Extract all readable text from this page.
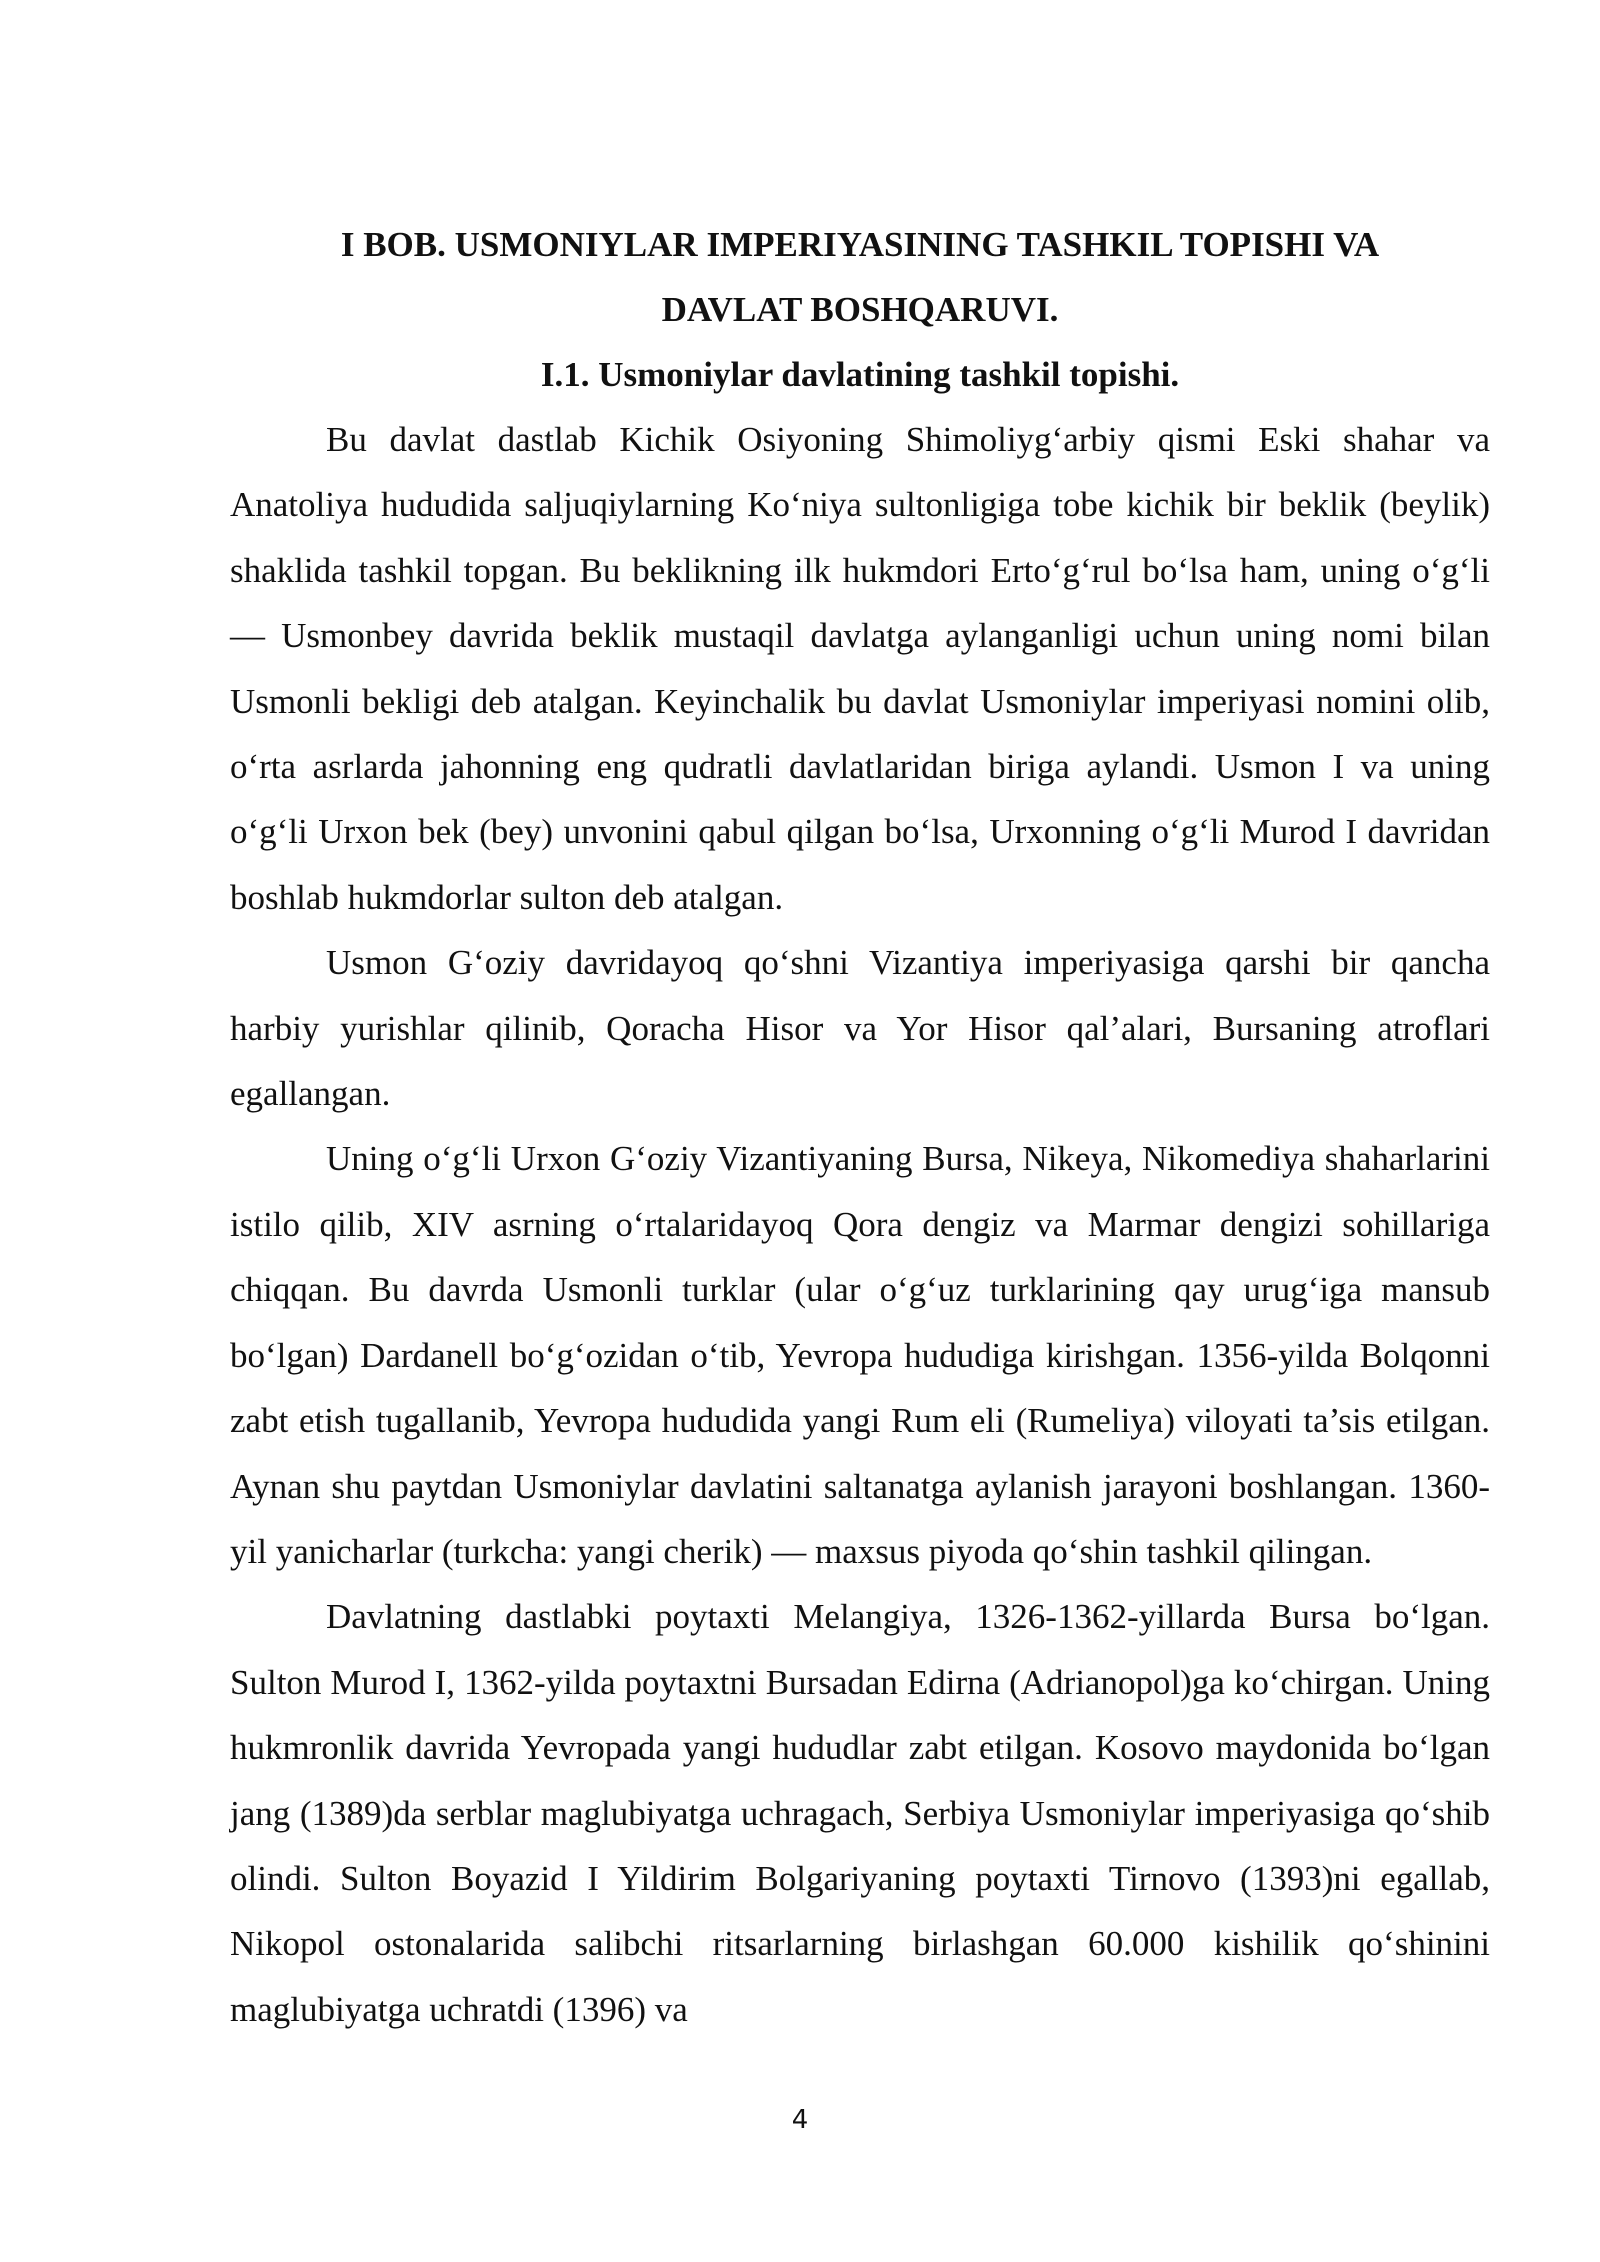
I BOB. USMONIYLAR IMPERIYASINING TASHKIL TOPISHI VA
DAVLAT BOSHQARUVI.

I.1. Usmoniylar davlatining tashkil topishi.

Bu davlat dastlab Kichik Osiyoning Shimoliyg‘arbiy qismi Eski shahar va Anatoliya hududida saljuqiylarning Ko‘niya sultonligiga tobe kichik bir beklik (beylik) shaklida tashkil topgan. Bu beklikning ilk hukmdori Erto‘g‘rul bo‘lsa ham, uning o‘g‘li — Usmonbey davrida beklik mustaqil davlatga aylanganligi uchun uning nomi bilan Usmonli bekligi deb atalgan. Keyinchalik bu davlat Usmoniylar imperiyasi nomini olib, o‘rta asrlarda jahonning eng qudratli davlatlaridan biriga aylandi. Usmon I va uning o‘g‘li Urxon bek (bey) unvonini qabul qilgan bo‘lsa, Urxonning o‘g‘li Murod I davridan boshlab hukmdorlar sulton deb atalgan.

Usmon G‘oziy davridayoq qo‘shni Vizantiya imperiyasiga qarshi bir qancha harbiy yurishlar qilinib, Qoracha Hisor va Yor Hisor qal’alari, Bursaning atroflari egallangan.

Uning o‘g‘li Urxon G‘oziy Vizantiyaning Bursa, Nikeya, Nikomediya shaharlarini istilo qilib, XIV asrning o‘rtalaridayoq Qora dengiz va Marmar dengizi sohillariga chiqqan. Bu davrda Usmonli turklar (ular o‘g‘uz turklarining qay urug‘iga mansub bo‘lgan) Dardanell bo‘g‘ozidan o‘tib, Yevropa hududiga kirishgan. 1356-yilda Bolqonni zabt etish tugallanib, Yevropa hududida yangi Rum eli (Rumeliya) viloyati ta’sis etilgan. Aynan shu paytdan Usmoniylar davlatini saltanatga aylanish jarayoni boshlangan. 1360-yil yanicharlar (turkcha: yangi cherik) — maxsus piyoda qo‘shin tashkil qilingan.

Davlatning dastlabki poytaxti Melangiya, 1326-1362-yillarda Bursa bo‘lgan. Sulton Murod I, 1362-yilda poytaxtni Bursadan Edirna (Adrianopol)ga ko‘chirgan. Uning hukmronlik davrida Yevropada yangi hududlar zabt etilgan. Kosovo maydonida bo‘lgan jang (1389)da serblar maglubiyatga uchragach, Serbiya Usmoniylar imperiyasiga qo‘shib olindi. Sulton Boyazid I Yildirim Bolgariyaning poytaxti Tirnovo (1393)ni egallab, Nikopol ostonalarida salibchi ritsarlarning birlashgan 60.000 kishilik qo‘shinini maglubiyatga uchratdi (1396) va

4
